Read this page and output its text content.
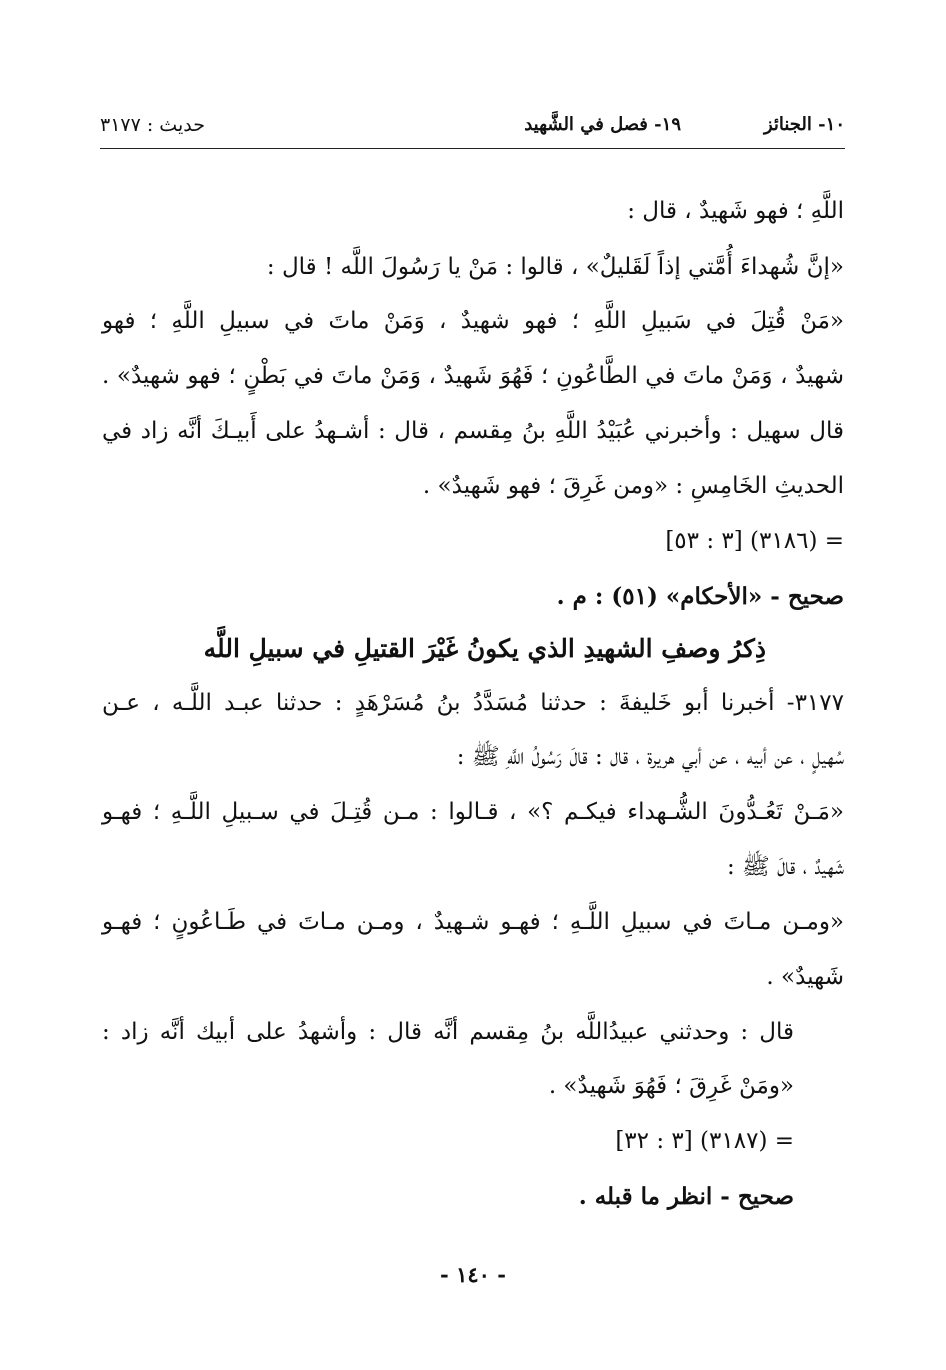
١٠- الجنائز
١٩- فصل في الشَّهيد
حديث : ٣١٧٧
اللَّهِ ؛ فهو شَهيدٌ ، قال :
«إنَّ شُهداءَ أُمَّتي إذاً لَقَليلٌ» ، قالوا : مَنْ يا رَسُولَ اللَّه ! قال :
«مَنْ قُتِلَ في سَبيلِ اللَّهِ ؛ فهو شهيدٌ ، وَمَنْ ماتَ في سبيلِ اللَّهِ ؛ فهو
شهيدٌ ، وَمَنْ ماتَ في الطَّاعُونِ ؛ فَهُوَ شَهيدٌ ، وَمَنْ ماتَ في بَطْنٍ ؛ فهو شهيدٌ» .
قال سهيل : وأخبرني عُبَيْدُ اللَّهِ بنُ مِقسم ، قال : أشـهدُ على أَبيـكَ أنَّه زاد في
الحديثِ الخَامِسِ : «ومن غَرِقَ ؛ فهو شَهيدٌ» .
= (٣١٨٦) [٣ : ٥٣]
صحيح - «الأحكام» (٥١) : م .
ذِكرُ وصفِ الشهيدِ الذي يكونُ غَيْرَ القتيلِ في سبيلِ اللَّه
٣١٧٧- أخبرنا أبو خَليفةَ : حدثنا مُسَدَّدُ بنُ مُسَرْهَدٍ : حدثنا عبـد اللَّـه ، عـن
سُهيلٍ ، عن أبيه ، عن أبي هريرة ، قال : قالَ رَسُولُ اللَّهِ ﷺ :
«مَـنْ تَعُـدُّونَ الشُّـهداء فيكـم ؟» ، قـالوا : مـن قُتِـلَ في سـبيلِ اللَّـهِ ؛ فهـو
شَهيدٌ ، قالَ ﷺ :
«ومـن مـاتَ في سبيلِ اللَّـهِ ؛ فهـو شـهيدٌ ، ومـن مـاتَ في طَـاعُونٍ ؛ فهـو
شَهيدٌ» .
قال : وحدثني عبيدُاللَّه بنُ مِقسم أنَّه قال : وأشهدُ على أبيك أنَّه زاد :
«ومَنْ غَرِقَ ؛ فَهُوَ شَهيدٌ» .
= (٣١٨٧) [٣ : ٣٢]
صحيح - انظر ما قبله .
- ١٤٠ -
